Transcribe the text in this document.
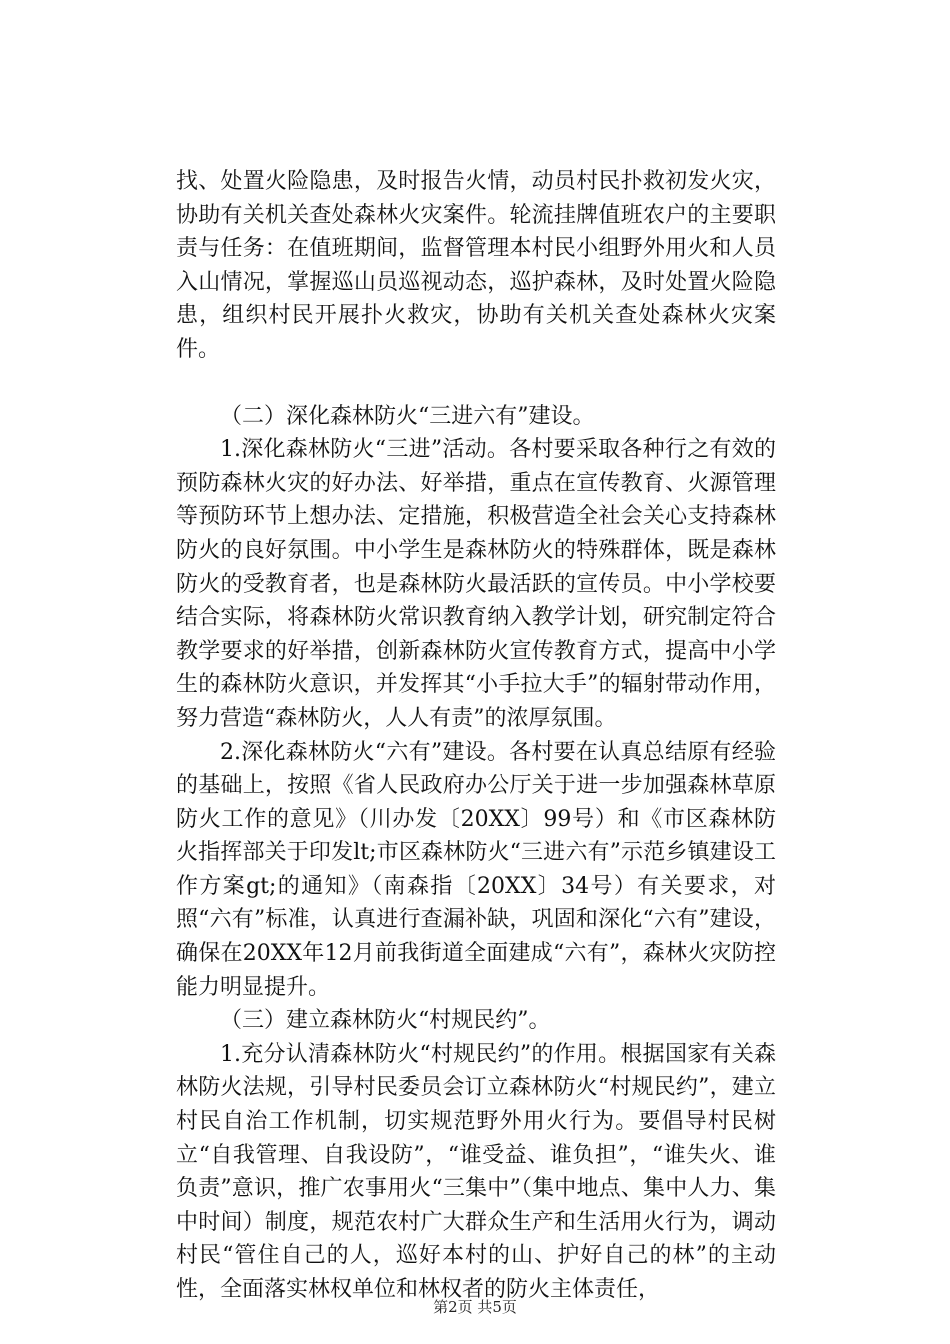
找、处置火险隐患，及时报告火情，动员村民扑救初发火灾，协助有关机关查处森林火灾案件。轮流挂牌值班农户的主要职责与任务：在值班期间，监督管理本村民小组野外用火和人员入山情况，掌握巡山员巡视动态，巡护森林，及时处置火险隐患，组织村民开展扑火救灾，协助有关机关查处森林火灾案件。

（二）深化森林防火“三进六有”建设。

1.深化森林防火“三进”活动。各村要采取各种行之有效的预防森林火灾的好办法、好举措，重点在宣传教育、火源管理等预防环节上想办法、定措施，积极营造全社会关心支持森林防火的良好氛围。中小学生是森林防火的特殊群体，既是森林防火的受教育者，也是森林防火最活跃的宣传员。中小学校要结合实际，将森林防火常识教育纳入教学计划，研究制定符合教学要求的好举措，创新森林防火宣传教育方式，提高中小学生的森林防火意识，并发挥其“小手拉大手”的辐射带动作用，努力营造“森林防火，人人有责”的浓厚氛围。

2.深化森林防火“六有”建设。各村要在认真总结原有经验的基础上，按照《省人民政府办公厅关于进一步加强森林草原防火工作的意见》（川办发〔20XX〕99号）和《市区森林防火指挥部关于印发lt;市区森林防火“三进六有”示范乡镇建设工作方案gt;的通知》（南森指〔20XX〕34号）有关要求，对照“六有”标准，认真进行查漏补缺，巩固和深化“六有”建设，确保在20XX年12月前我街道全面建成“六有”，森林火灾防控能力明显提升。

（三）建立森林防火“村规民约”。

1.充分认清森林防火“村规民约”的作用。根据国家有关森林防火法规，引导村民委员会订立森林防火“村规民约”，建立村民自治工作机制，切实规范野外用火行为。要倡导村民树立“自我管理、自我设防”，“谁受益、谁负担”，“谁失火、谁负责”意识，推广农事用火“三集中”（集中地点、集中人力、集中时间）制度，规范农村广大群众生产和生活用火行为，调动村民“管住自己的人，巡好本村的山、护好自己的林”的主动性，全面落实林权单位和林权者的防火主体责任，

第2页 共5页
